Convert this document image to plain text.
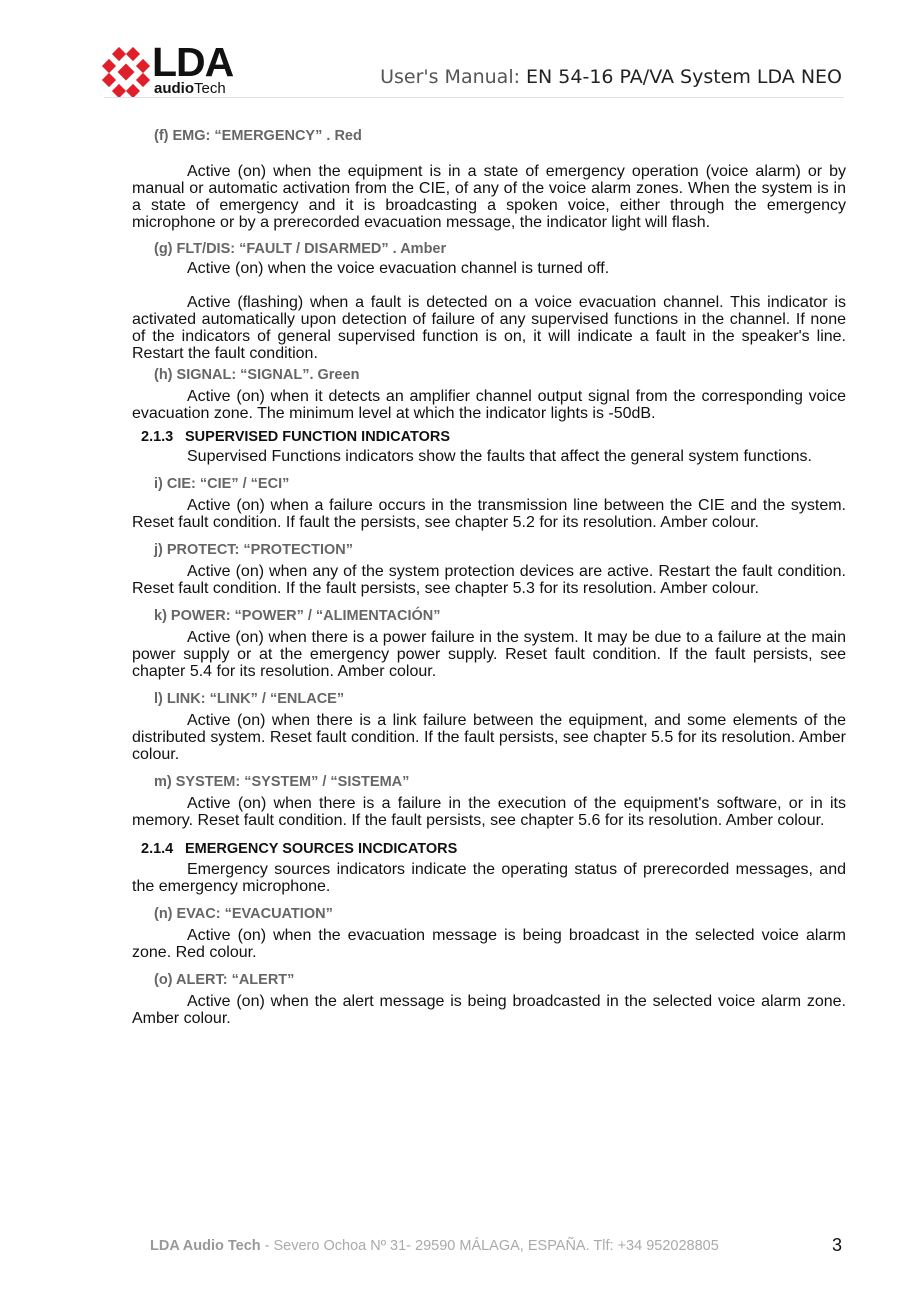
LDA
audioTech
User's Manual: EN 54-16 PA/VA System LDA NEO
(f) EMG: “EMERGENCY” . Red

Active (on) when the equipment is in a state of emergency operation (voice alarm) or by manual or automatic activation from the CIE, of any of the voice alarm zones. When the system is in a state of emergency and it is broadcasting a spoken voice, either through the emergency microphone or by a prerecorded evacuation message, the indicator light will flash.

(g) FLT/DIS: “FAULT / DISARMED” . Amber

Active (on) when the voice evacuation channel is turned off.

Active (flashing) when a fault is detected on a voice evacuation channel. This indicator is activated automatically upon detection of failure of any supervised functions in the channel. If none of the indicators of general supervised function is on, it will indicate a fault in the speaker's line. Restart the fault condition.

(h) SIGNAL: “SIGNAL”. Green

Active (on) when it detects an amplifier channel output signal from the corresponding voice evacuation zone. The minimum level at which the indicator lights is -50dB.

2.1.3 SUPERVISED FUNCTION INDICATORS

Supervised Functions indicators show the faults that affect the general system functions.

i) CIE: “CIE” / “ECI”

Active (on) when a failure occurs in the transmission line between the CIE and the system. Reset fault condition. If fault the persists, see chapter 5.2 for its resolution. Amber colour.

j) PROTECT: “PROTECTION”

Active (on) when any of the system protection devices are active. Restart the fault condition. Reset fault condition. If the fault persists, see chapter 5.3 for its resolution. Amber colour.

k) POWER: “POWER” / “ALIMENTACIÓN”

Active (on) when there is a power failure in the system. It may be due to a failure at the main power supply or at the emergency power supply. Reset fault condition. If the fault persists, see chapter 5.4 for its resolution. Amber colour.

l) LINK: “LINK” / “ENLACE”

Active (on) when there is a link failure between the equipment, and some elements of the distributed system. Reset fault condition. If the fault persists, see chapter 5.5 for its resolution. Amber colour.

m) SYSTEM: “SYSTEM” / “SISTEMA”

Active (on) when there is a failure in the execution of the equipment's software, or in its memory. Reset fault condition. If the fault persists, see chapter 5.6 for its resolution. Amber colour.

2.1.4 EMERGENCY SOURCES INCDICATORS

Emergency sources indicators indicate the operating status of prerecorded messages, and the emergency microphone.

(n) EVAC: “EVACUATION”

Active (on) when the evacuation message is being broadcast in the selected voice alarm zone. Red colour.

(o) ALERT: “ALERT”

Active (on) when the alert message is being broadcasted in the selected voice alarm zone. Amber colour.

LDA Audio Tech - Severo Ochoa Nº 31- 29590 MÁLAGA, ESPAÑA. Tlf: +34 952028805	3
